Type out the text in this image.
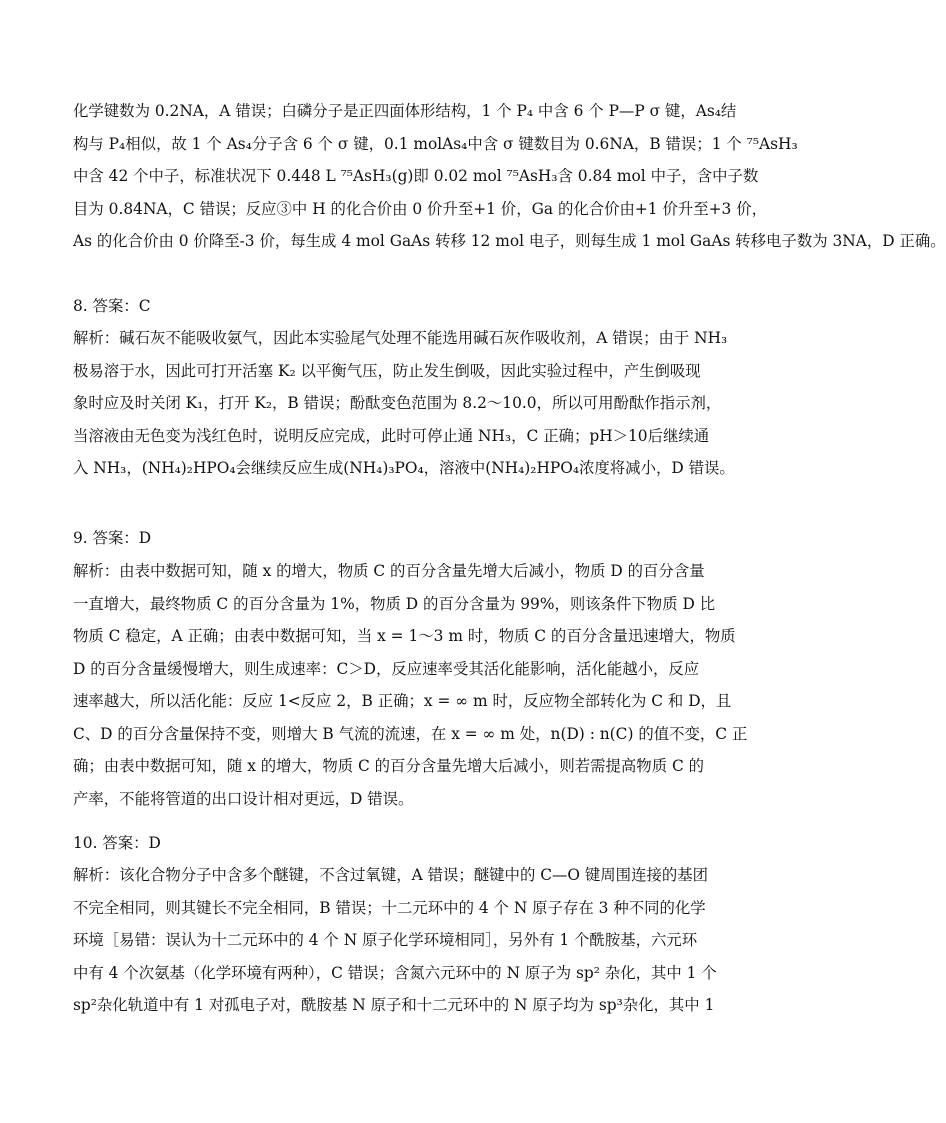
化学键数为 0.2NA，A 错误；白磷分子是正四面体形结构，1 个 P₄ 中含 6 个 P—P σ 键，As₄结
构与 P₄相似，故 1 个 As₄分子含 6 个 σ 键，0.1 molAs₄中含 σ 键数目为 0.6NA，B 错误；1 个 ⁷⁵AsH₃
中含 42 个中子，标准状况下 0.448 L ⁷⁵AsH₃(g)即 0.02 mol ⁷⁵AsH₃含 0.84 mol 中子，含中子数
目为 0.84NA，C 错误；反应③中 H 的化合价由 0 价升至+1 价，Ga 的化合价由+1 价升至+3 价，
As 的化合价由 0 价降至-3 价，每生成 4 mol GaAs 转移 12 mol 电子，则每生成 1 mol GaAs 转移电子数为 3NA，D 正确。
8. 答案：C
解析：碱石灰不能吸收氨气，因此本实验尾气处理不能选用碱石灰作吸收剂，A 错误；由于 NH₃
极易溶于水，因此可打开活塞 K₂ 以平衡气压，防止发生倒吸，因此实验过程中，产生倒吸现
象时应及时关闭 K₁，打开 K₂，B 错误；酚酞变色范围为 8.2～10.0，所以可用酚酞作指示剂，
当溶液由无色变为浅红色时，说明反应完成，此时可停止通 NH₃，C 正确；pH＞10后继续通
入 NH₃，(NH₄)₂HPO₄会继续反应生成(NH₄)₃PO₄，溶液中(NH₄)₂HPO₄浓度将减小，D 错误。
9. 答案：D
解析：由表中数据可知，随 x 的增大，物质 C 的百分含量先增大后减小，物质 D 的百分含量
一直增大，最终物质 C 的百分含量为 1%，物质 D 的百分含量为 99%，则该条件下物质 D 比
物质 C 稳定，A 正确；由表中数据可知，当 x = 1～3 m 时，物质 C 的百分含量迅速增大，物质
D 的百分含量缓慢增大，则生成速率：C＞D，反应速率受其活化能影响，活化能越小，反应
速率越大，所以活化能：反应 1<反应 2，B 正确；x = ∞ m 时，反应物全部转化为 C 和 D，且
C、D 的百分含量保持不变，则增大 B 气流的流速，在 x = ∞ m 处，n(D) : n(C) 的值不变，C 正
确；由表中数据可知，随 x 的增大，物质 C 的百分含量先增大后减小，则若需提高物质 C 的
产率，不能将管道的出口设计相对更远，D 错误。
10. 答案：D
解析：该化合物分子中含多个醚键，不含过氧键，A 错误；醚键中的 C—O 键周围连接的基团
不完全相同，则其键长不完全相同，B 错误；十二元环中的 4 个 N 原子存在 3 种不同的化学
环境［易错：误认为十二元环中的 4 个 N 原子化学环境相同］，另外有 1 个酰胺基，六元环
中有 4 个次氨基（化学环境有两种），C 错误；含氮六元环中的 N 原子为 sp² 杂化，其中 1 个
sp²杂化轨道中有 1 对孤电子对，酰胺基 N 原子和十二元环中的 N 原子均为 sp³杂化，其中 1
